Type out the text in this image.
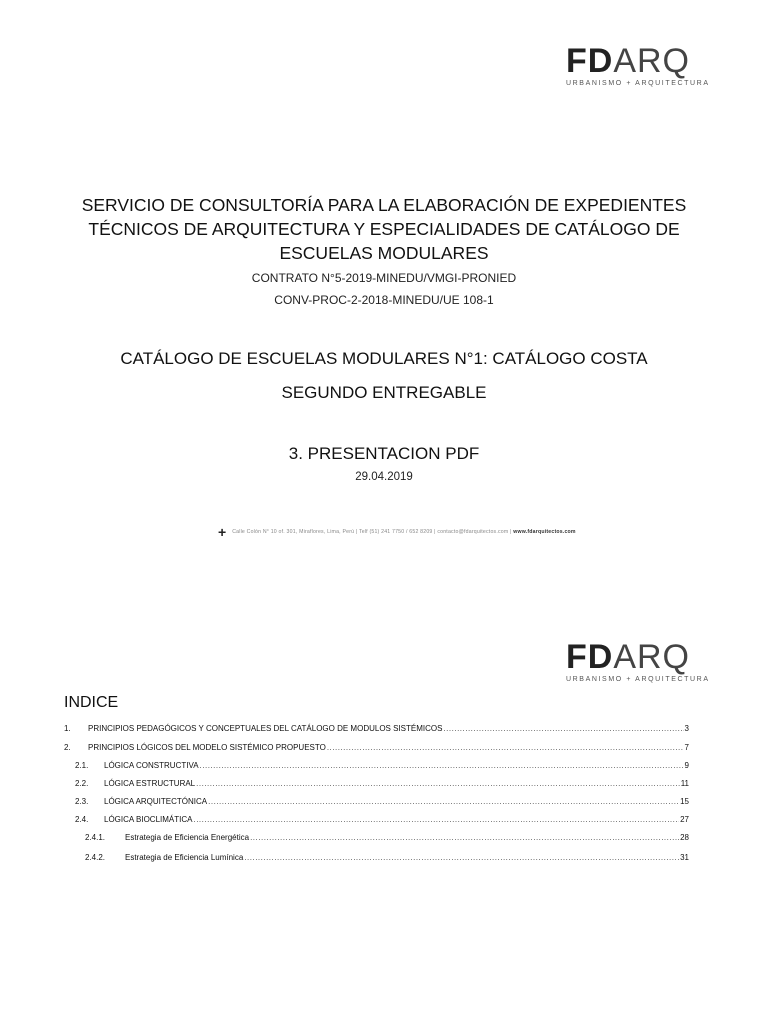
FDARQ
URBANISMO + ARQUITECTURA
SERVICIO DE CONSULTORÍA PARA LA ELABORACIÓN DE EXPEDIENTES
TÉCNICOS DE ARQUITECTURA Y ESPECIALIDADES DE CATÁLOGO DE
ESCUELAS MODULARES
CONTRATO N°5-2019-MINEDU/VMGI-PRONIED
CONV-PROC-2-2018-MINEDU/UE 108-1
CATÁLOGO DE ESCUELAS MODULARES N°1: CATÁLOGO COSTA
SEGUNDO ENTREGABLE
3. PRESENTACION PDF
29.04.2019
+ Calle Colón N° 10 of. 301, Miraflores, Lima, Perú | Telf (51) 241 7750 / 652 8209 | contacto@fdarquitectos.com | www.fdarquitectos.com
FDARQ
URBANISMO + ARQUITECTURA
INDICE
1.	PRINCIPIOS PEDAGÓGICOS Y CONCEPTUALES DEL CATÁLOGO DE MODULOS SISTÉMICOS .....	3
2.	PRINCIPIOS LÓGICOS DEL MODELO SISTÉMICO PROPUESTO .....	7
2.1.	LÓGICA CONSTRUCTIVA .....	9
2.2.	LÓGICA ESTRUCTURAL .....	11
2.3.	LÓGICA ARQUITECTÓNICA .....	15
2.4.	LÓGICA BIOCLIMÁTICA .....	27
2.4.1.	Estrategia de Eficiencia Energética .....	28
2.4.2.	Estrategia de Eficiencia Lumínica .....	31
